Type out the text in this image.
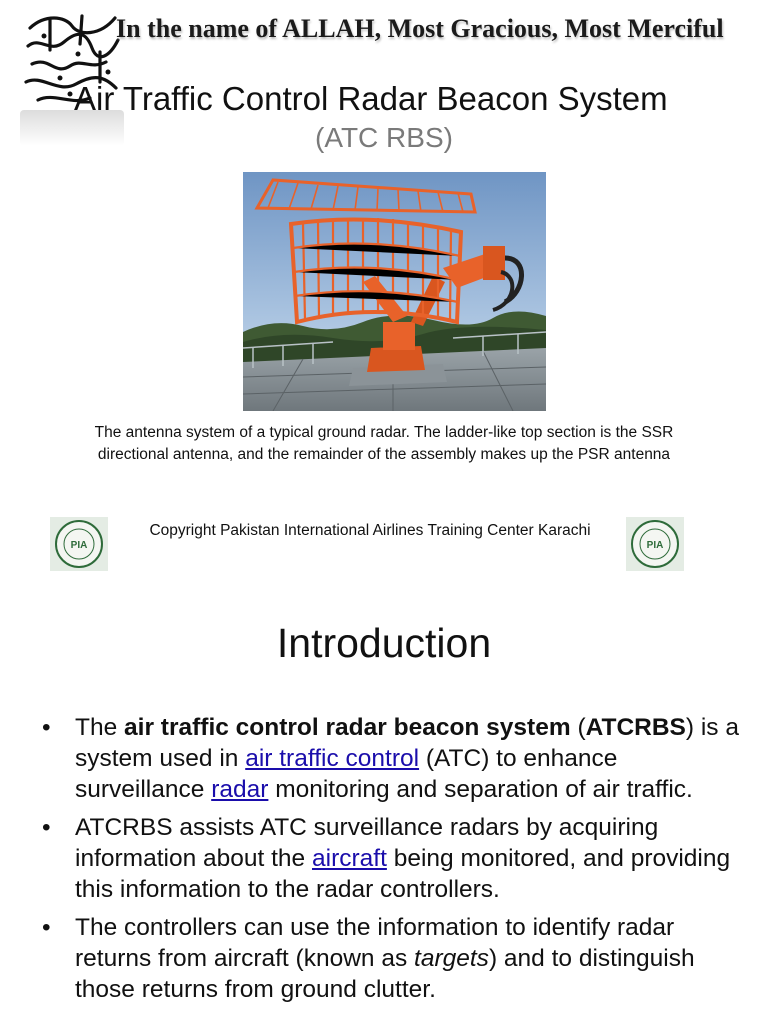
In the name of ALLAH, Most Gracious, Most Merciful
Air Traffic Control Radar Beacon System
(ATC RBS)
The antenna system of a typical ground radar. The ladder-like top section is the SSR directional antenna, and the remainder of the assembly makes up the PSR antenna
PIA
Copyright Pakistan International Airlines Training Center Karachi
PIA
Introduction
• The air traffic control radar beacon system (ATCRBS) is a system used in air traffic control (ATC) to enhance surveillance radar monitoring and separation of air traffic.
• ATCRBS assists ATC surveillance radars by acquiring information about the aircraft being monitored, and providing this information to the radar controllers.
• The controllers can use the information to identify radar returns from aircraft (known as targets) and to distinguish those returns from ground clutter.
